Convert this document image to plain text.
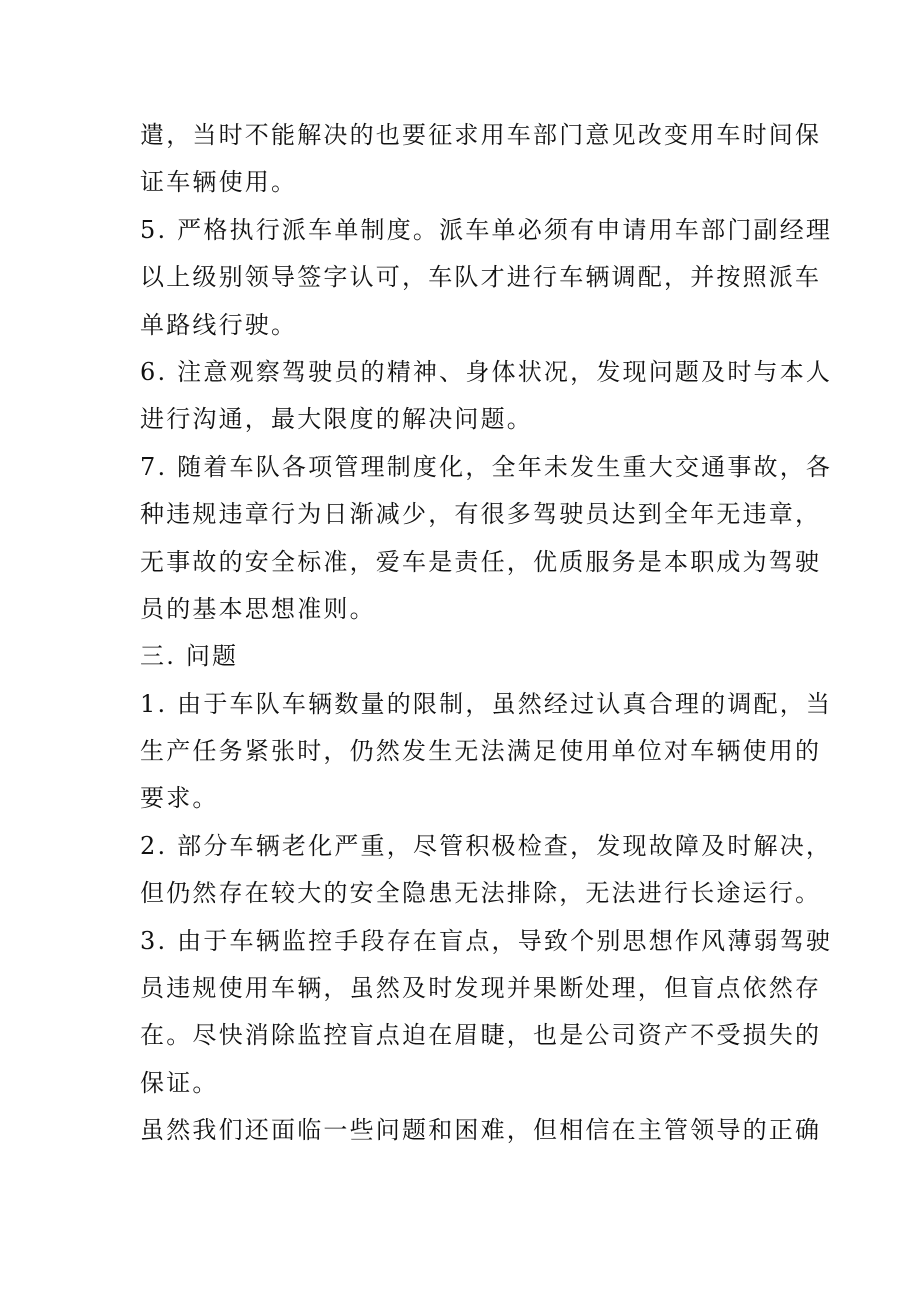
遣，当时不能解决的也要征求用车部门意见改变用车时间保
证车辆使用。
5. 严格执行派车单制度。派车单必须有申请用车部门副经理
以上级别领导签字认可，车队才进行车辆调配，并按照派车
单路线行驶。
6. 注意观察驾驶员的精神、身体状况，发现问题及时与本人
进行沟通，最大限度的解决问题。
7. 随着车队各项管理制度化，全年未发生重大交通事故，各
种违规违章行为日渐减少，有很多驾驶员达到全年无违章，
无事故的安全标准，爱车是责任，优质服务是本职成为驾驶
员的基本思想准则。
三. 问题
1. 由于车队车辆数量的限制，虽然经过认真合理的调配，当
生产任务紧张时，仍然发生无法满足使用单位对车辆使用的
要求。
2. 部分车辆老化严重，尽管积极检查，发现故障及时解决，
但仍然存在较大的安全隐患无法排除，无法进行长途运行。
3. 由于车辆监控手段存在盲点，导致个别思想作风薄弱驾驶
员违规使用车辆，虽然及时发现并果断处理，但盲点依然存
在。尽快消除监控盲点迫在眉睫，也是公司资产不受损失的
保证。
虽然我们还面临一些问题和困难，但相信在主管领导的正确
